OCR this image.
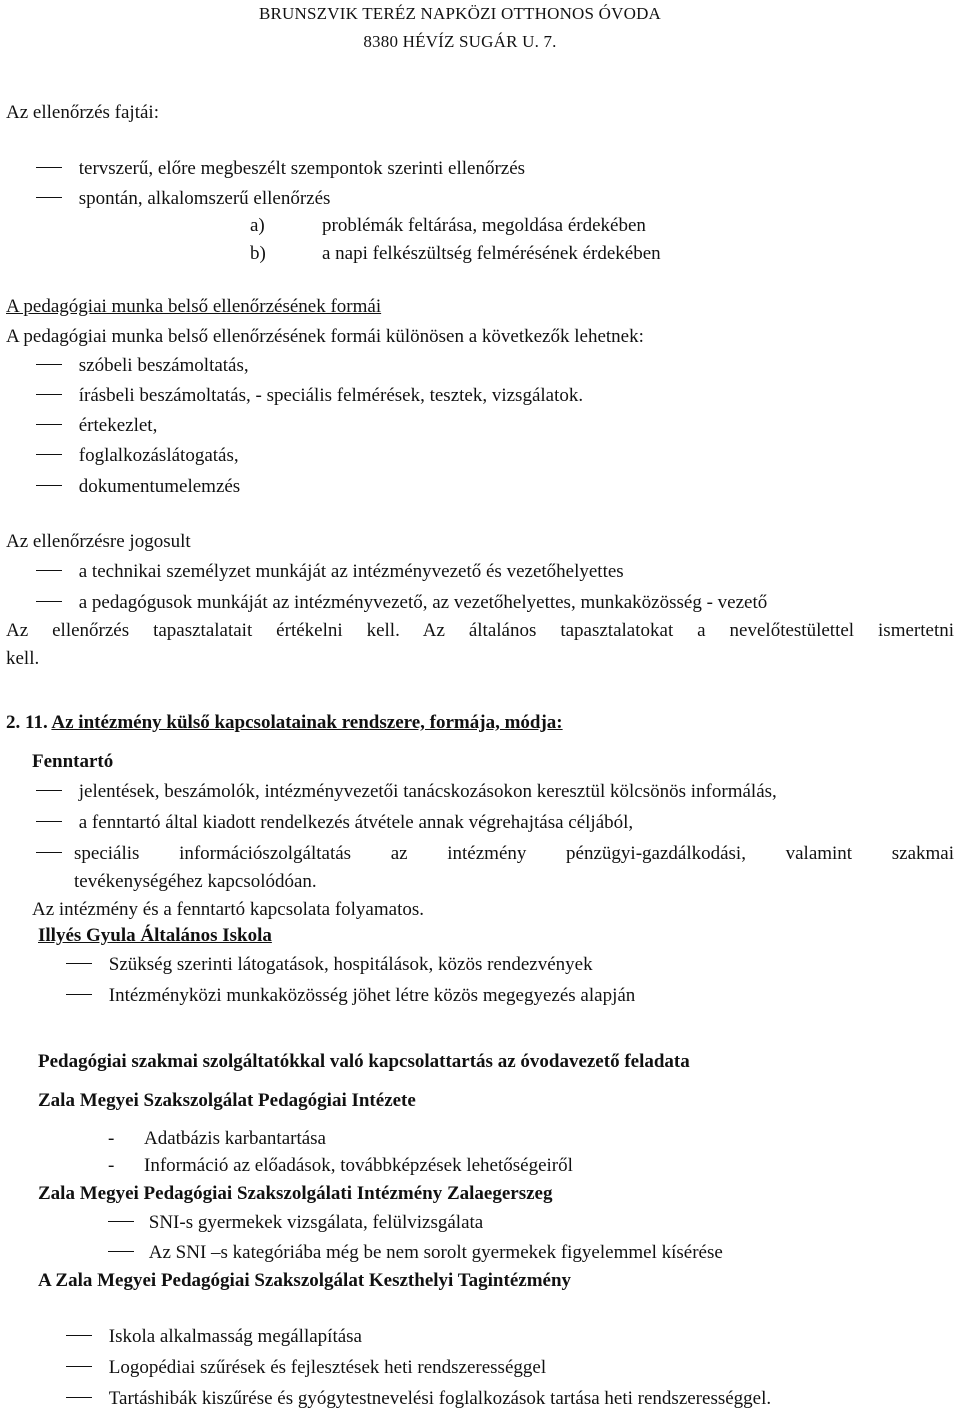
BRUNSZVIK TERÉZ NAPKÖZI OTTHONOS ÓVODA
8380 HÉVÍZ SUGÁR U. 7.
Az ellenőrzés fajtái:
tervszerű, előre megbeszélt szempontok szerinti ellenőrzés
spontán, alkalomszerű ellenőrzés
a)	problémák feltárása, megoldása érdekében
b)	a napi felkészültség felmérésének érdekében
A pedagógiai munka belső ellenőrzésének formái
A pedagógiai munka belső ellenőrzésének formái különösen a következők lehetnek:
szóbeli beszámoltatás,
írásbeli beszámoltatás, - speciális felmérések, tesztek, vizsgálatok.
értekezlet,
foglalkozáslátogatás,
dokumentumelemzés
Az ellenőrzésre jogosult
a technikai személyzet munkáját az intézményvezető és vezetőhelyettes
a pedagógusok munkáját az intézményvezető, az vezetőhelyettes, munkaközösség - vezető
Az ellenőrzés tapasztalatait értékelni kell. Az általános tapasztalatokat a nevelőtestülettel ismertetni
kell.
2. 11. Az intézmény külső kapcsolatainak rendszere, formája, módja:
Fenntartó
jelentések, beszámolók, intézményvezetői tanácskozásokon keresztül kölcsönös informálás,
a fenntartó által kiadott rendelkezés átvétele annak végrehajtása céljából,
speciális információszolgáltatás az intézmény pénzügyi-gazdálkodási, valamint szakmai
tevékenységéhez kapcsolódóan.
Az intézmény és a fenntartó kapcsolata folyamatos.
Illyés Gyula Általános Iskola
Szükség szerinti látogatások, hospitálások, közös rendezvények
Intézményközi munkaközösség jöhet létre közös megegyezés alapján
Pedagógiai szakmai szolgáltatókkal való kapcsolattartás az óvodavezető feladata
Zala Megyei Szakszolgálat Pedagógiai Intézete
- Adatbázis karbantartása
- Információ az előadások, továbbképzések lehetőségeiről
Zala Megyei Pedagógiai Szakszolgálati Intézmény Zalaegerszeg
SNI-s gyermekek vizsgálata, felülvizsgálata
Az SNI –s kategóriába még be nem sorolt gyermekek figyelemmel kísérése
A Zala Megyei Pedagógiai Szakszolgálat Keszthelyi Tagintézmény
Iskola alkalmasság megállapítása
Logopédiai szűrések és fejlesztések heti rendszerességgel
Tartáshibák kiszűrése és gyógytestnevelési foglalkozások tartása heti rendszerességgel.
